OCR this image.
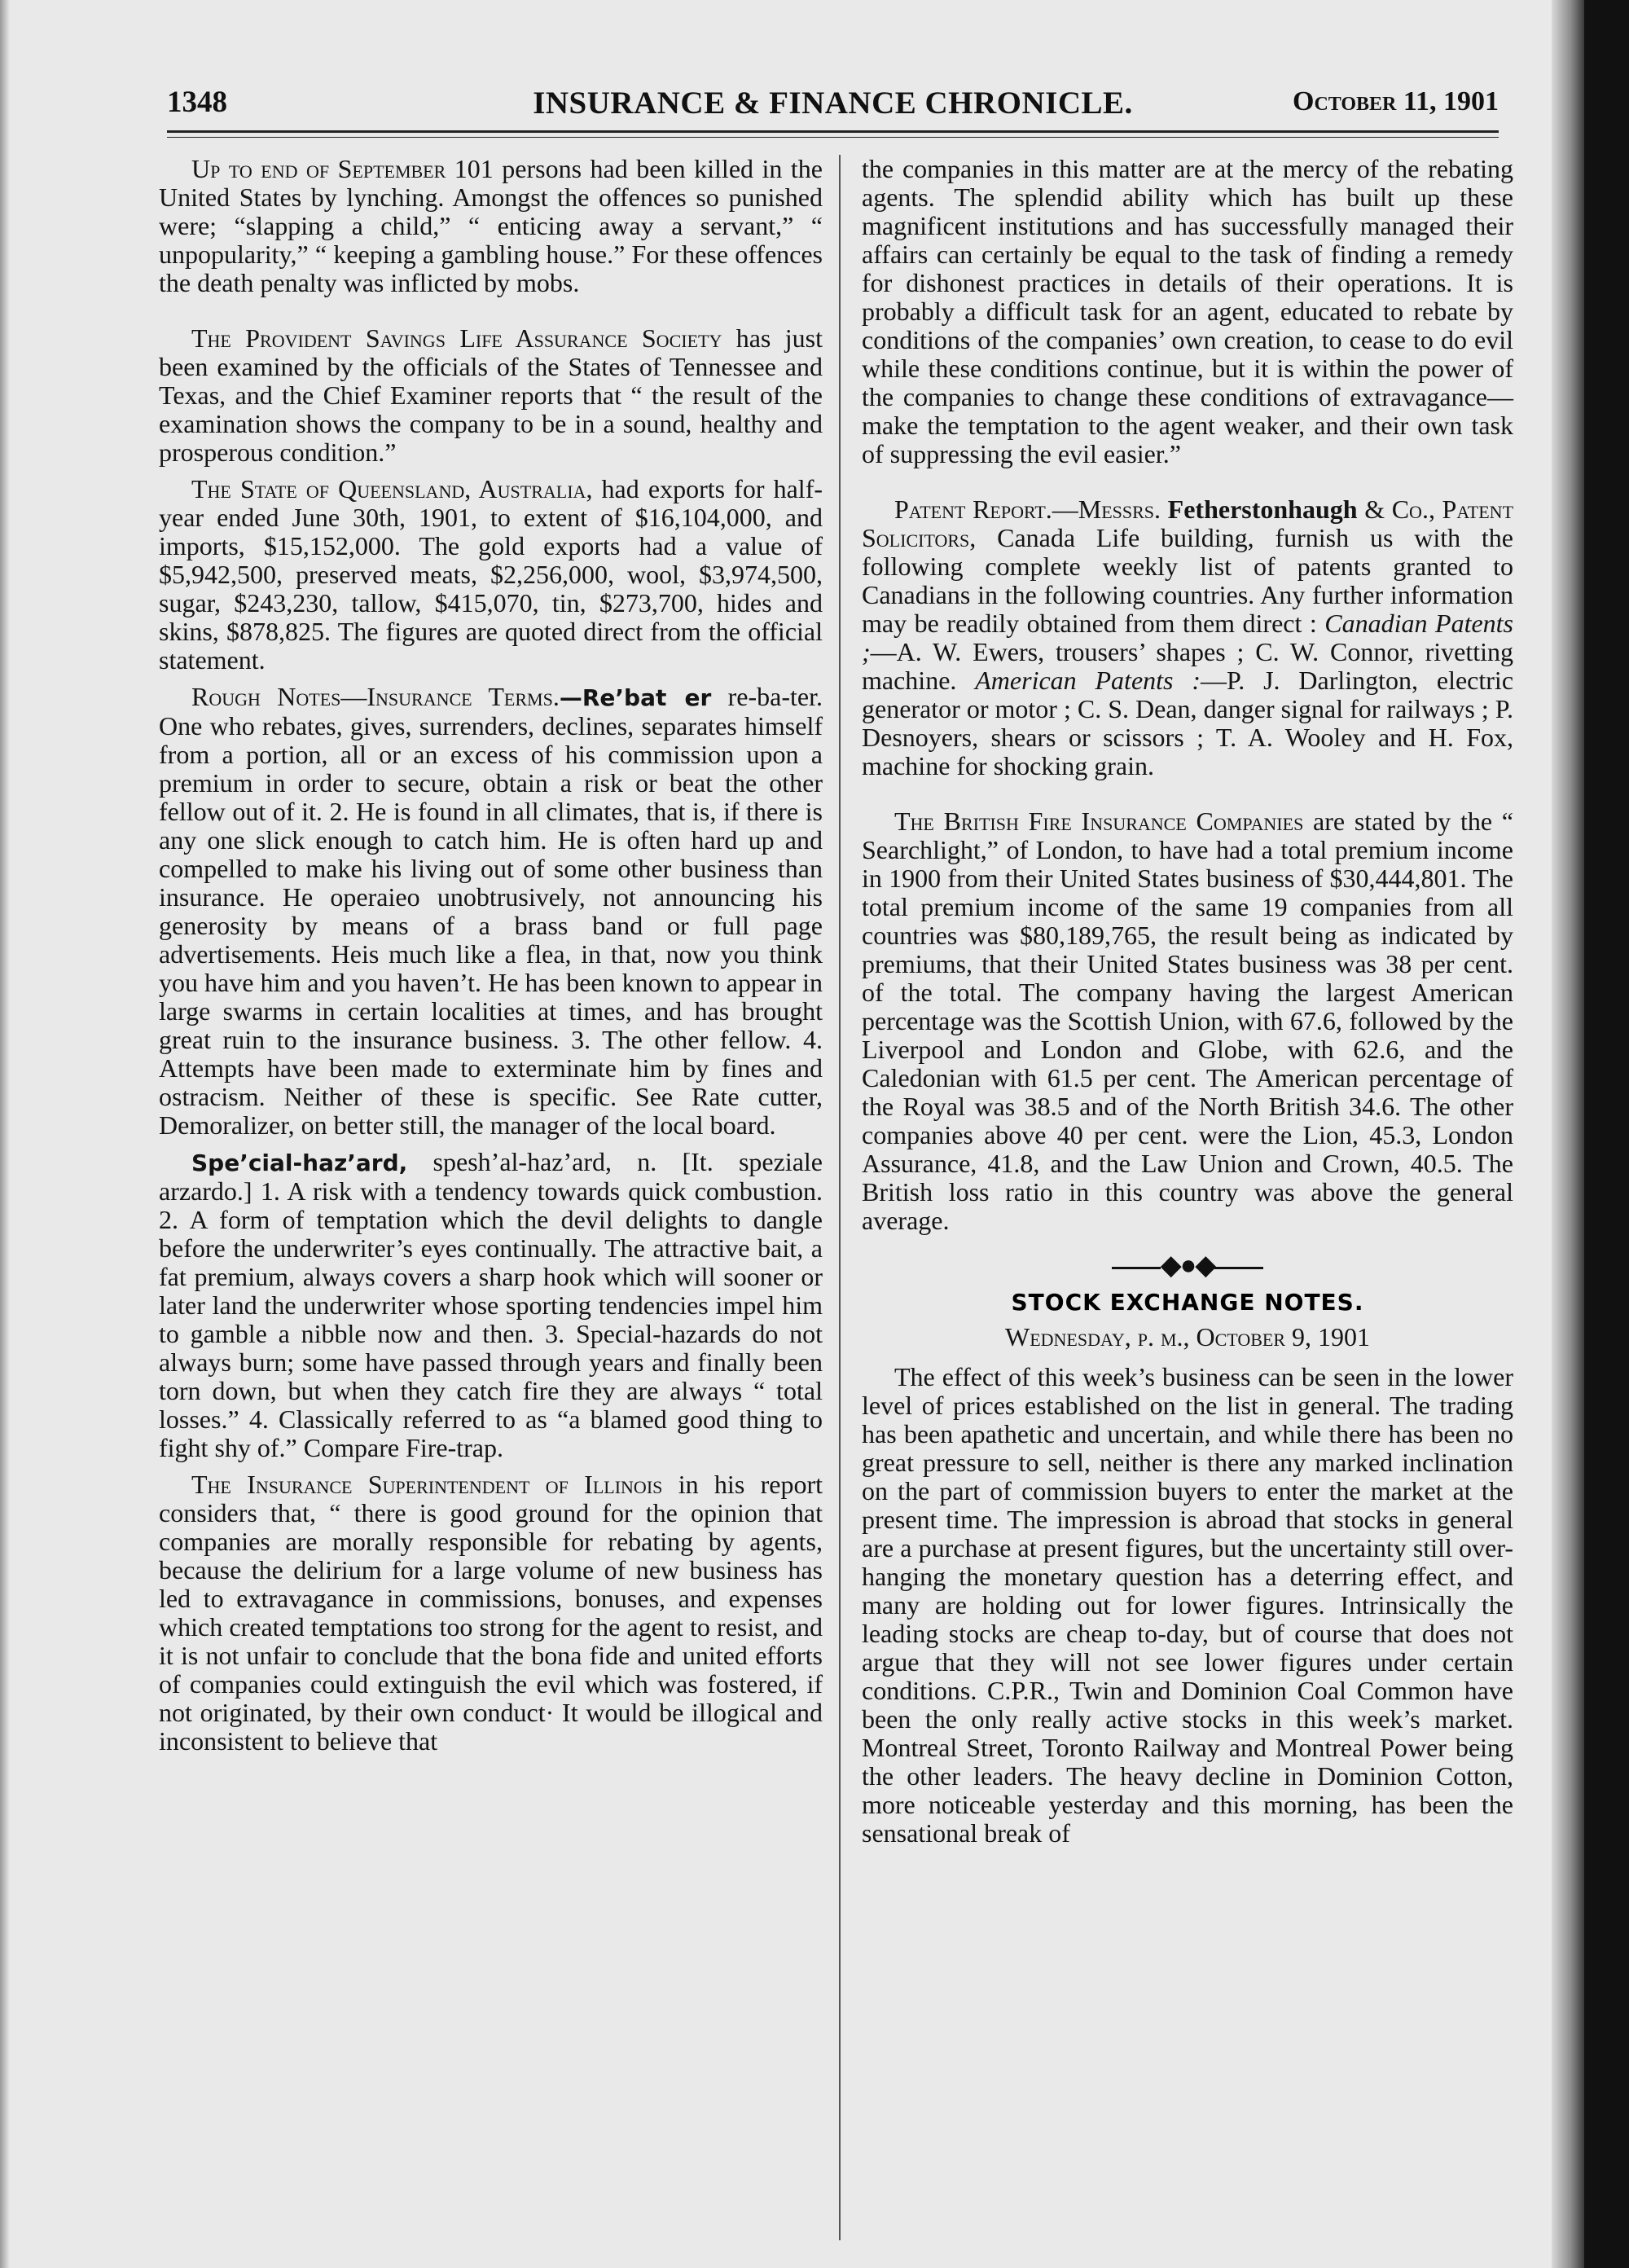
1348	INSURANCE & FINANCE CHRONICLE.	October 11, 1901

Up to end of September 101 persons had been killed in the United States by lynching. Amongst the offences so punished were; “slapping a child,” “ enticing away a servant,” “ unpopularity,” “ keeping a gambling house.” For these offences the death penalty was inflicted by mobs.

The Provident Savings Life Assurance Society has just been examined by the officials of the States of Tennessee and Texas, and the Chief Examiner reports that “ the result of the examination shows the company to be in a sound, healthy and prosperous condition.”

The State of Queensland, Australia, had exports for half-year ended June 30th, 1901, to extent of $16,104,000, and imports, $15,152,000. The gold exports had a value of $5,942,500, preserved meats, $2,256,000, wool, $3,974,500, sugar, $243,230, tallow, $415,070, tin, $273,700, hides and skins, $878,825. The figures are quoted direct from the official statement.

Rough Notes—Insurance Terms.—Re’bat er re-ba-ter. One who rebates, gives, surrenders, declines, separates himself from a portion, all or an excess of his commission upon a premium in order to secure, obtain a risk or beat the other fellow out of it. 2. He is found in all climates, that is, if there is any one slick enough to catch him. He is often hard up and compelled to make his living out of some other business than insurance. He operaieo unobtrusively, not announcing his generosity by means of a brass band or full page advertisements. Heis much like a flea, in that, now you think you have him and you haven’t. He has been known to appear in large swarms in certain localities at times, and has brought great ruin to the insurance business. 3. The other fellow. 4. Attempts have been made to exterminate him by fines and ostracism. Neither of these is specific. See Rate cutter, Demoralizer, on better still, the manager of the local board.

Spe’cial-haz’ard, spesh’al-haz’ard, n. [It. speziale arzardo.] 1. A risk with a tendency towards quick combustion. 2. A form of temptation which the devil delights to dangle before the underwriter’s eyes continually. The attractive bait, a fat premium, always covers a sharp hook which will sooner or later land the underwriter whose sporting tendencies impel him to gamble a nibble now and then. 3. Special-hazards do not always burn; some have passed through years and finally been torn down, but when they catch fire they are always “ total losses.” 4. Classically referred to as “a blamed good thing to fight shy of.” Compare Fire-trap.

The Insurance Superintendent of Illinois in his report considers that, “ there is good ground for the opinion that companies are morally responsible for rebating by agents, because the delirium for a large volume of new business has led to extravagance in commissions, bonuses, and expenses which created temptations too strong for the agent to resist, and it is not unfair to conclude that the bona fide and united efforts of companies could extinguish the evil which was fostered, if not originated, by their own conduct· It would be illogical and inconsistent to believe that

the companies in this matter are at the mercy of the rebating agents. The splendid ability which has built up these magnificent institutions and has successfully managed their affairs can certainly be equal to the task of finding a remedy for dishonest practices in details of their operations. It is probably a difficult task for an agent, educated to rebate by conditions of the companies’ own creation, to cease to do evil while these conditions continue, but it is within the power of the companies to change these conditions of extravagance—make the temptation to the agent weaker, and their own task of suppressing the evil easier.”

Patent Report.—Messrs. Fetherstonhaugh & Co., Patent Solicitors, Canada Life building, furnish us with the following complete weekly list of patents granted to Canadians in the following countries. Any further information may be readily obtained from them direct : Canadian Patents ;—A. W. Ewers, trousers’ shapes ; C. W. Connor, rivetting machine. American Patents :—P. J. Darlington, electric generator or motor ; C. S. Dean, danger signal for railways ; P. Desnoyers, shears or scissors ; T. A. Wooley and H. Fox, machine for shocking grain.

The British Fire Insurance Companies are stated by the “ Searchlight,” of London, to have had a total premium income in 1900 from their United States business of $30,444,801. The total premium income of the same 19 companies from all countries was $80,189,765, the result being as indicated by premiums, that their United States business was 38 per cent. of the total. The company having the largest American percentage was the Scottish Union, with 67.6, followed by the Liverpool and London and Globe, with 62.6, and the Caledonian with 61.5 per cent. The American percentage of the Royal was 38.5 and of the North British 34.6. The other companies above 40 per cent. were the Lion, 45.3, London Assurance, 41.8, and the Law Union and Crown, 40.5. The British loss ratio in this country was above the general average.

◆●◆
STOCK EXCHANGE NOTES.
Wednesday, p. m., October 9, 1901

The effect of this week’s business can be seen in the lower level of prices established on the list in general. The trading has been apathetic and uncertain, and while there has been no great pressure to sell, neither is there any marked inclination on the part of commission buyers to enter the market at the present time. The impression is abroad that stocks in general are a purchase at present figures, but the uncertainty still over-hanging the monetary question has a deterring effect, and many are holding out for lower figures. Intrinsically the leading stocks are cheap to-day, but of course that does not argue that they will not see lower figures under certain conditions. C.P.R., Twin and Dominion Coal Common have been the only really active stocks in this week’s market. Montreal Street, Toronto Railway and Montreal Power being the other leaders. The heavy decline in Dominion Cotton, more noticeable yesterday and this morning, has been the sensational break of
